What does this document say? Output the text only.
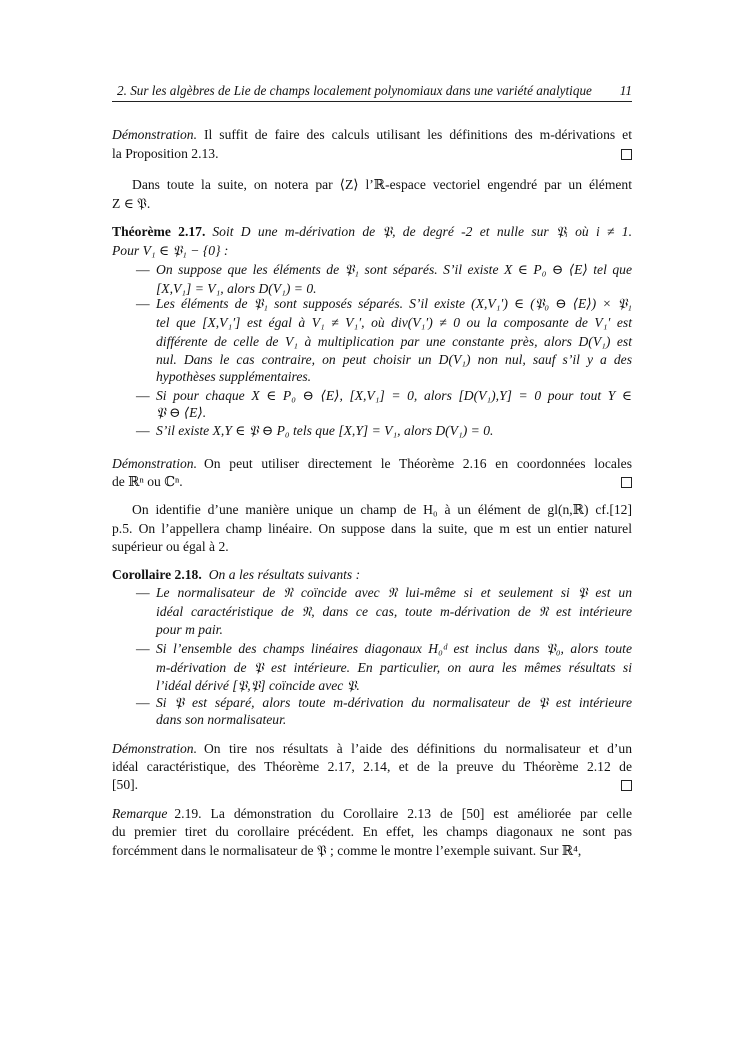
2. Sur les algèbres de Lie de champs localement polynomiaux dans une variété analytique 11
Démonstration. Il suffit de faire des calculs utilisant les définitions des m-dérivations et
la Proposition 2.13.
Dans toute la suite, on notera par ⟨Z⟩ l’ℝ-espace vectoriel engendré par un élément
Z ∈ 𝔓.
Théorème 2.17. Soit D une m-dérivation de 𝔓, de degré -2 et nulle sur 𝔓ᵢ où i ≠ 1.
Pour V₁ ∈ 𝔓₁ − {0} :
— On suppose que les éléments de 𝔓₁ sont séparés. S’il existe X ∈ P₀ ⊖ ⟨E⟩ tel que
[X,V₁] = V₁, alors D(V₁) = 0.
— Les éléments de 𝔓₁ sont supposés séparés. S’il existe (X,V₁′) ∈ (𝔓₀ ⊖ ⟨E⟩) × 𝔓₁
tel que [X,V₁′] est égal à V₁ ≠ V₁′, où div(V₁′) ≠ 0 ou la composante de V₁′ est
différente de celle de V₁ à multiplication par une constante près, alors D(V₁) est
nul. Dans le cas contraire, on peut choisir un D(V₁) non nul, sauf s’il y a des
hypothèses supplémentaires.
— Si pour chaque X ∈ P₀ ⊖ ⟨E⟩, [X,V₁] = 0, alors [D(V₁),Y] = 0 pour tout Y ∈
𝔓 ⊖ ⟨E⟩.
— S’il existe X,Y ∈ 𝔓 ⊖ P₀ tels que [X,Y] = V₁, alors D(V₁) = 0.
Démonstration. On peut utiliser directement le Théorème 2.16 en coordonnées locales
de ℝⁿ ou ℂⁿ.
On identifie d’une manière unique un champ de H₀ à un élément de gl(n,ℝ) cf.[12]
p.5. On l’appellera champ linéaire. On suppose dans la suite, que m est un entier naturel
supérieur ou égal à 2.
Corollaire 2.18. On a les résultats suivants :
— Le normalisateur de 𝔑 coïncide avec 𝔑 lui-même si et seulement si 𝔓 est un
idéal caractéristique de 𝔑, dans ce cas, toute m-dérivation de 𝔑 est intérieure
pour m pair.
— Si l’ensemble des champs linéaires diagonaux H₀ᵈ est inclus dans 𝔓₀, alors toute
m-dérivation de 𝔓 est intérieure. En particulier, on aura les mêmes résultats si
l’idéal dérivé [𝔓,𝔓] coïncide avec 𝔓.
— Si 𝔓 est séparé, alors toute m-dérivation du normalisateur de 𝔓 est intérieure
dans son normalisateur.
Démonstration. On tire nos résultats à l’aide des définitions du normalisateur et d’un
idéal caractéristique, des Théorème 2.17, 2.14, et de la preuve du Théorème 2.12 de
[50].
Remarque 2.19. La démonstration du Corollaire 2.13 de [50] est améliorée par celle
du premier tiret du corollaire précédent. En effet, les champs diagonaux ne sont pas
forcémment dans le normalisateur de 𝔓 ; comme le montre l’exemple suivant. Sur ℝ⁴,
